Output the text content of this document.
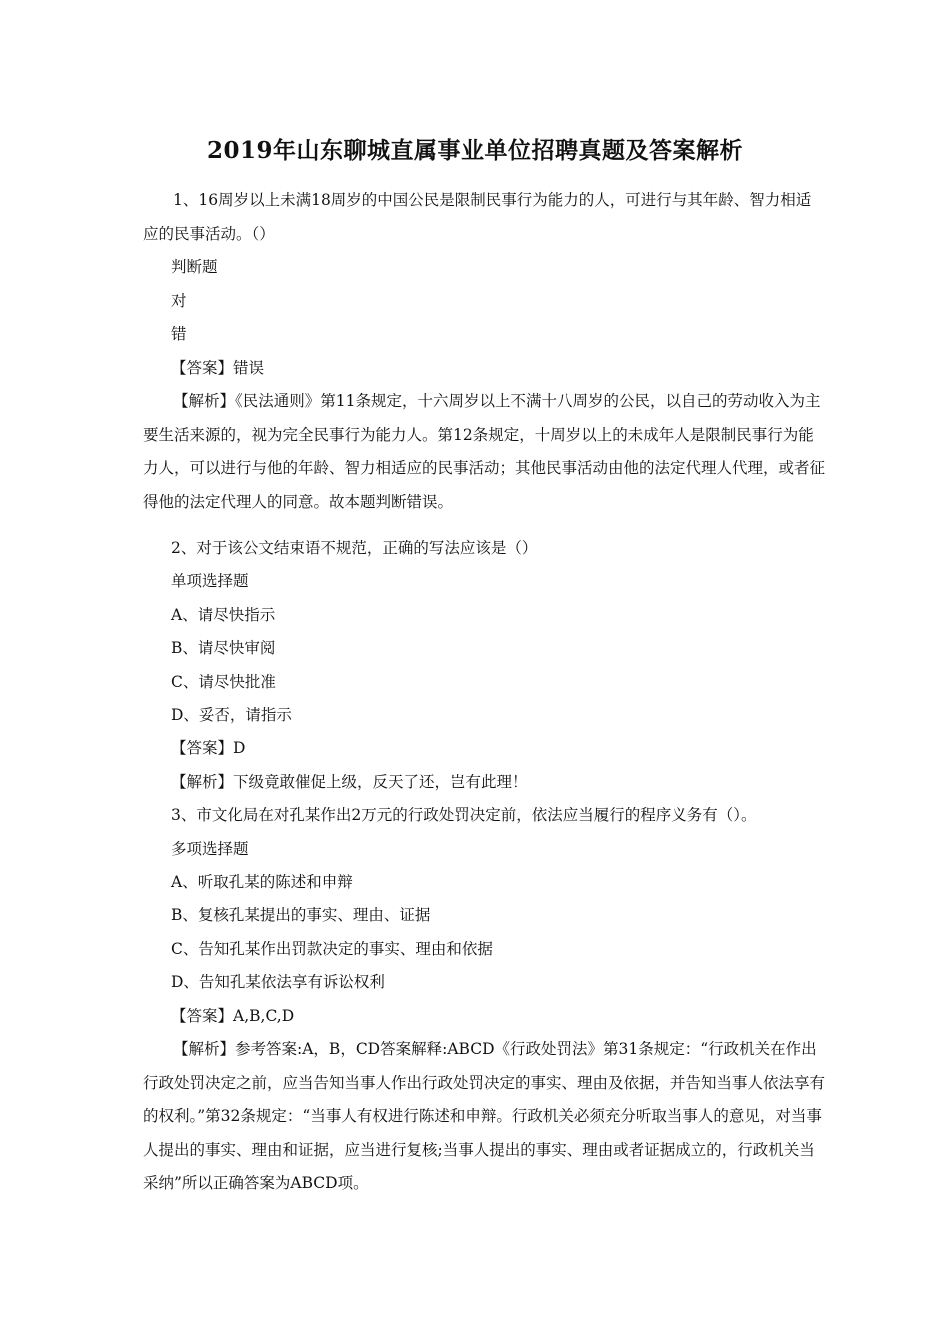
2019年山东聊城直属事业单位招聘真题及答案解析

1、16周岁以上未满18周岁的中国公民是限制民事行为能力的人，可进行与其年龄、智力相适应的民事活动。（）

判断题

对

错

【答案】错误

【解析】《民法通则》第11条规定，十六周岁以上不满十八周岁的公民，以自己的劳动收入为主要生活来源的，视为完全民事行为能力人。第12条规定，十周岁以上的未成年人是限制民事行为能力人，可以进行与他的年龄、智力相适应的民事活动；其他民事活动由他的法定代理人代理，或者征得他的法定代理人的同意。故本题判断错误。

2、对于该公文结束语不规范，正确的写法应该是（）

单项选择题

A、请尽快指示

B、请尽快审阅

C、请尽快批准

D、妥否，请指示

【答案】D

【解析】下级竟敢催促上级，反天了还，岂有此理！

3、市文化局在对孔某作出2万元的行政处罚决定前，依法应当履行的程序义务有（）。

多项选择题

A、听取孔某的陈述和申辩

B、复核孔某提出的事实、理由、证据

C、告知孔某作出罚款决定的事实、理由和依据

D、告知孔某依法享有诉讼权利

【答案】A,B,C,D

【解析】参考答案:A，B，CD答案解释:ABCD《行政处罚法》第31条规定：“行政机关在作出行政处罚决定之前，应当告知当事人作出行政处罚决定的事实、理由及依据，并告知当事人依法享有的权利。”第32条规定：“当事人有权进行陈述和申辩。行政机关必须充分听取当事人的意见，对当事人提出的事实、理由和证据，应当进行复核;当事人提出的事实、理由或者证据成立的，行政机关当采纳”所以正确答案为ABCD项。
